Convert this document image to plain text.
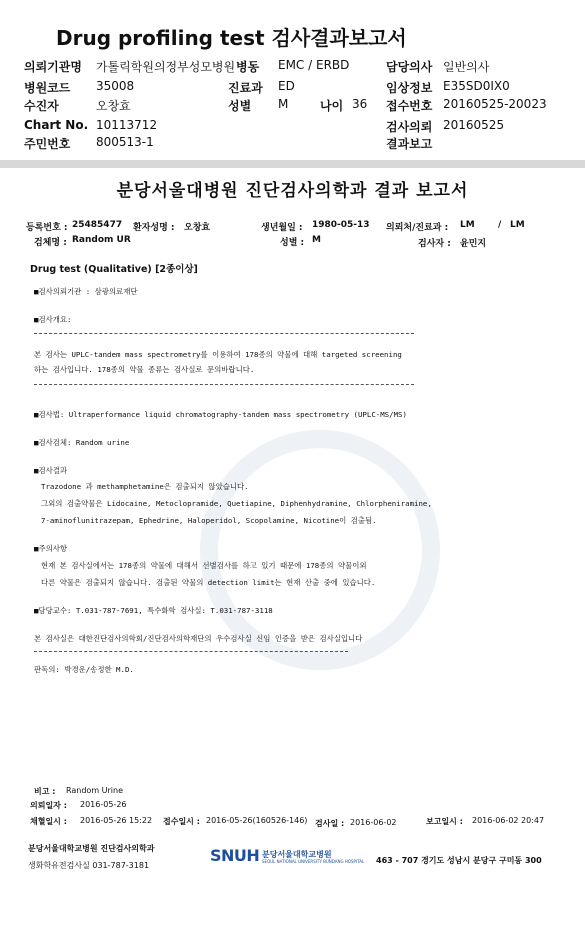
Drug profiling test 검사결과보고서
의뢰기관명 가톨릭학원의정부성모병원 병동 EMC / ERBD	담당의사 일반의사
병원코드 35008	진료과 ED	임상정보 E35SD0IX0
수진자	오창효	성별 M	나이 36 접수번호 20160525-20023
Chart No. 10113712	검사의뢰 20160525
주민번호 800513-1	결과보고
분당서울대병원 진단검사의학과 결과 보고서
등록번호 : 25485477 환자성명 : 오창효	생년월일 : 1980-05-13 의뢰처/진료과 : LM	/ LM
검체명 : Random UR	성별 : M	검사자 : 윤민지
Drug test (Qualitative) [2종이상]
■검사의뢰기관 : 삼광의료재단
■검사개요:
본 검사는 UPLC-tandem mass spectrometry를 이용하여 178종의 약물에 대해 targeted screening
하는 검사입니다. 178종의 약물 종류는 검사실로 문의바랍니다.
■검사법: Ultraperformance liquid chromatography-tandem mass spectrometry (UPLC-MS/MS)
■검사검체: Random urine
■검사결과
Trazodone 과 methamphetamine은 검출되지 않았습니다.
그외의 검출약물은 Lidocaine, Metoclopramide, Quetiapine, Diphenhydramine, Chlorpheniramine,
7-aminoflunitrazepam, Ephedrine, Haloperidol, Scopolamine, Nicotine이 검출됨.
■주의사항
현재 본 검사실에서는 178종의 약물에 대해서 선별검사를 하고 있기 때문에 178종의 약물이외
다른 약물은 검출되지 않습니다. 검출된 약물의 detection limit는 현재 산출 중에 있습니다.
■담당교수: T.031-787-7691, 특수화학 검사실: T.031-787-3118
본 검사실은 대한진단검사의학회/진단검사의학재단의 우수검사실 신임 인증을 받은 검사실입니다
판독의: 박경운/송정한 M.D.
비고 : Random Urine
의뢰일자 : 2016-05-26
채혈일시 : 2016-05-26 15:22 접수일시 : 2016-05-26(160526-146) 검사일 : 2016-06-02	보고일시 : 2016-06-02 20:47
분당서울대학교병원 진단검사의학과
생화학유전검사실 031-787-3181
SNUH 분당서울대학교병원
SEOUL NATIONAL UNIVERSITY BUNDANG HOSPITAL 463 - 707 경기도 성남시 분당구 구미동 300
